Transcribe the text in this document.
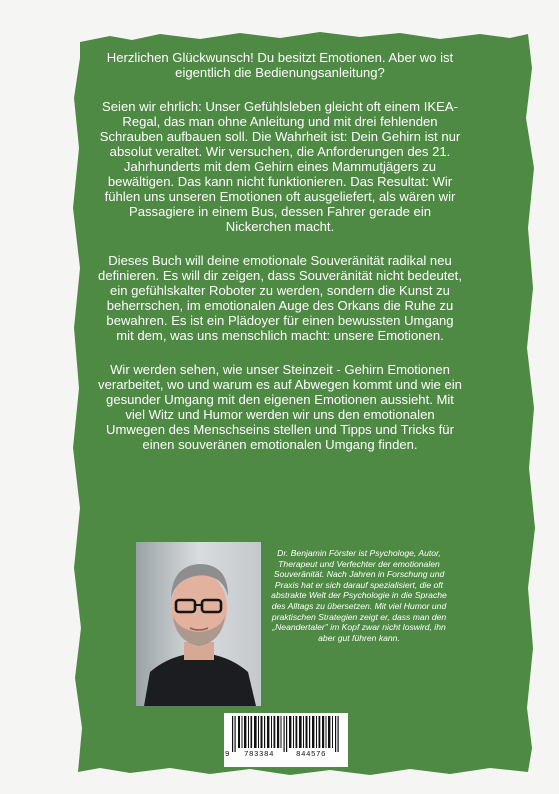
Herzlichen Glückwunsch! Du besitzt Emotionen. Aber wo ist eigentlich die Bedienungsanleitung?

Seien wir ehrlich: Unser Gefühlsleben gleicht oft einem IKEA-Regal, das man ohne Anleitung und mit drei fehlenden Schrauben aufbauen soll. Die Wahrheit ist: Dein Gehirn ist nur absolut veraltet. Wir versuchen, die Anforderungen des 21. Jahrhunderts mit dem Gehirn eines Mammutjägers zu bewältigen. Das kann nicht funktionieren. Das Resultat: Wir fühlen uns unseren Emotionen oft ausgeliefert, als wären wir Passagiere in einem Bus, dessen Fahrer gerade ein Nickerchen macht.

Dieses Buch will deine emotionale Souveränität radikal neu definieren. Es will dir zeigen, dass Souveränität nicht bedeutet, ein gefühlskalter Roboter zu werden, sondern die Kunst zu beherrschen, im emotionalen Auge des Orkans die Ruhe zu bewahren. Es ist ein Plädoyer für einen bewussten Umgang mit dem, was uns menschlich macht: unsere Emotionen.

Wir werden sehen, wie unser Steinzeit - Gehirn Emotionen verarbeitet, wo und warum es auf Abwegen kommt und wie ein gesunder Umgang mit den eigenen Emotionen aussieht. Mit viel Witz und Humor werden wir uns den emotionalen Umwegen des Menschseins stellen und Tipps und Tricks für einen souveränen emotionalen Umgang finden.

Dr. Benjamin Förster ist Psychologe, Autor, Therapeut und Verfechter der emotionalen Souveränität. Nach Jahren in Forschung und Praxis hat er sich darauf spezialisiert, die oft abstrakte Welt der Psychologie in die Sprache des Alltags zu übersetzen. Mit viel Humor und praktischen Strategien zeigt er, dass man den „Neandertaler" im Kopf zwar nicht loswird, ihn aber gut führen kann.
9 783384	844576
